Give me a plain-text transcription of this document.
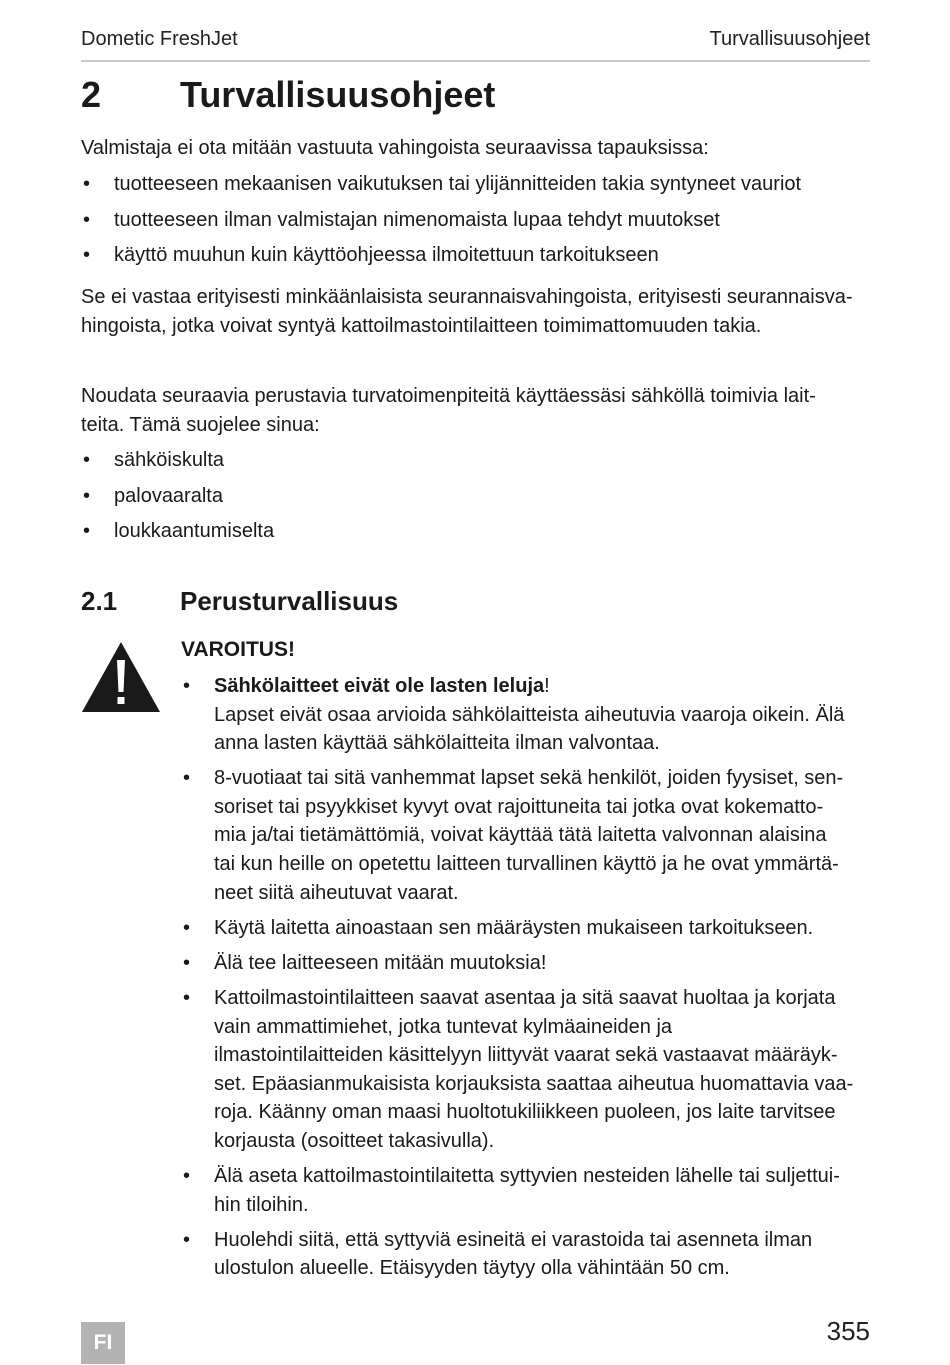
Dometic FreshJet	Turvallisuusohjeet
2	Turvallisuusohjeet
Valmistaja ei ota mitään vastuuta vahingoista seuraavissa tapauksissa:
• tuotteeseen mekaanisen vaikutuksen tai ylijännitteiden takia syntyneet vauriot
• tuotteeseen ilman valmistajan nimenomaista lupaa tehdyt muutokset
• käyttö muuhun kuin käyttöohjeessa ilmoitettuun tarkoitukseen
Se ei vastaa erityisesti minkäänlaisista seurannaisvahingoista, erityisesti seurannaisva-
hingoista, jotka voivat syntyä kattoilmastointilaitteen toimimattomuuden takia.
Noudata seuraavia perustavia turvatoimenpiteitä käyttäessäsi sähköllä toimivia lait-
teita. Tämä suojelee sinua:
• sähköiskulta
• palovaaralta
• loukkaantumiselta
2.1	Perusturvallisuus
VAROITUS!
• Sähkölaitteet eivät ole lasten leluja!
Lapset eivät osaa arvioida sähkölaitteista aiheutuvia vaaroja oikein. Älä
anna lasten käyttää sähkölaitteita ilman valvontaa.
• 8-vuotiaat tai sitä vanhemmat lapset sekä henkilöt, joiden fyysiset, sen-
soriset tai psyykkiset kyvyt ovat rajoittuneita tai jotka ovat kokematto-
mia ja/tai tietämättömiä, voivat käyttää tätä laitetta valvonnan alaisina
tai kun heille on opetettu laitteen turvallinen käyttö ja he ovat ymmärtä-
neet siitä aiheutuvat vaarat.
• Käytä laitetta ainoastaan sen määräysten mukaiseen tarkoitukseen.
• Älä tee laitteeseen mitään muutoksia!
• Kattoilmastointilaitteen saavat asentaa ja sitä saavat huoltaa ja korjata
vain ammattimiehet, jotka tuntevat kylmäaineiden ja
ilmastointilaitteiden käsittelyyn liittyvät vaarat sekä vastaavat määräyk-
set. Epäasianmukaisista korjauksista saattaa aiheutua huomattavia vaa-
roja. Käänny oman maasi huoltotukiliikkeen puoleen, jos laite tarvitsee
korjausta (osoitteet takasivulla).
• Älä aseta kattoilmastointilaitetta syttyvien nesteiden lähelle tai suljettui-
hin tiloihin.
• Huolehdi siitä, että syttyviä esineitä ei varastoida tai asenneta ilman
ulostulon alueelle. Etäisyyden täytyy olla vähintään 50 cm.
FI	355
